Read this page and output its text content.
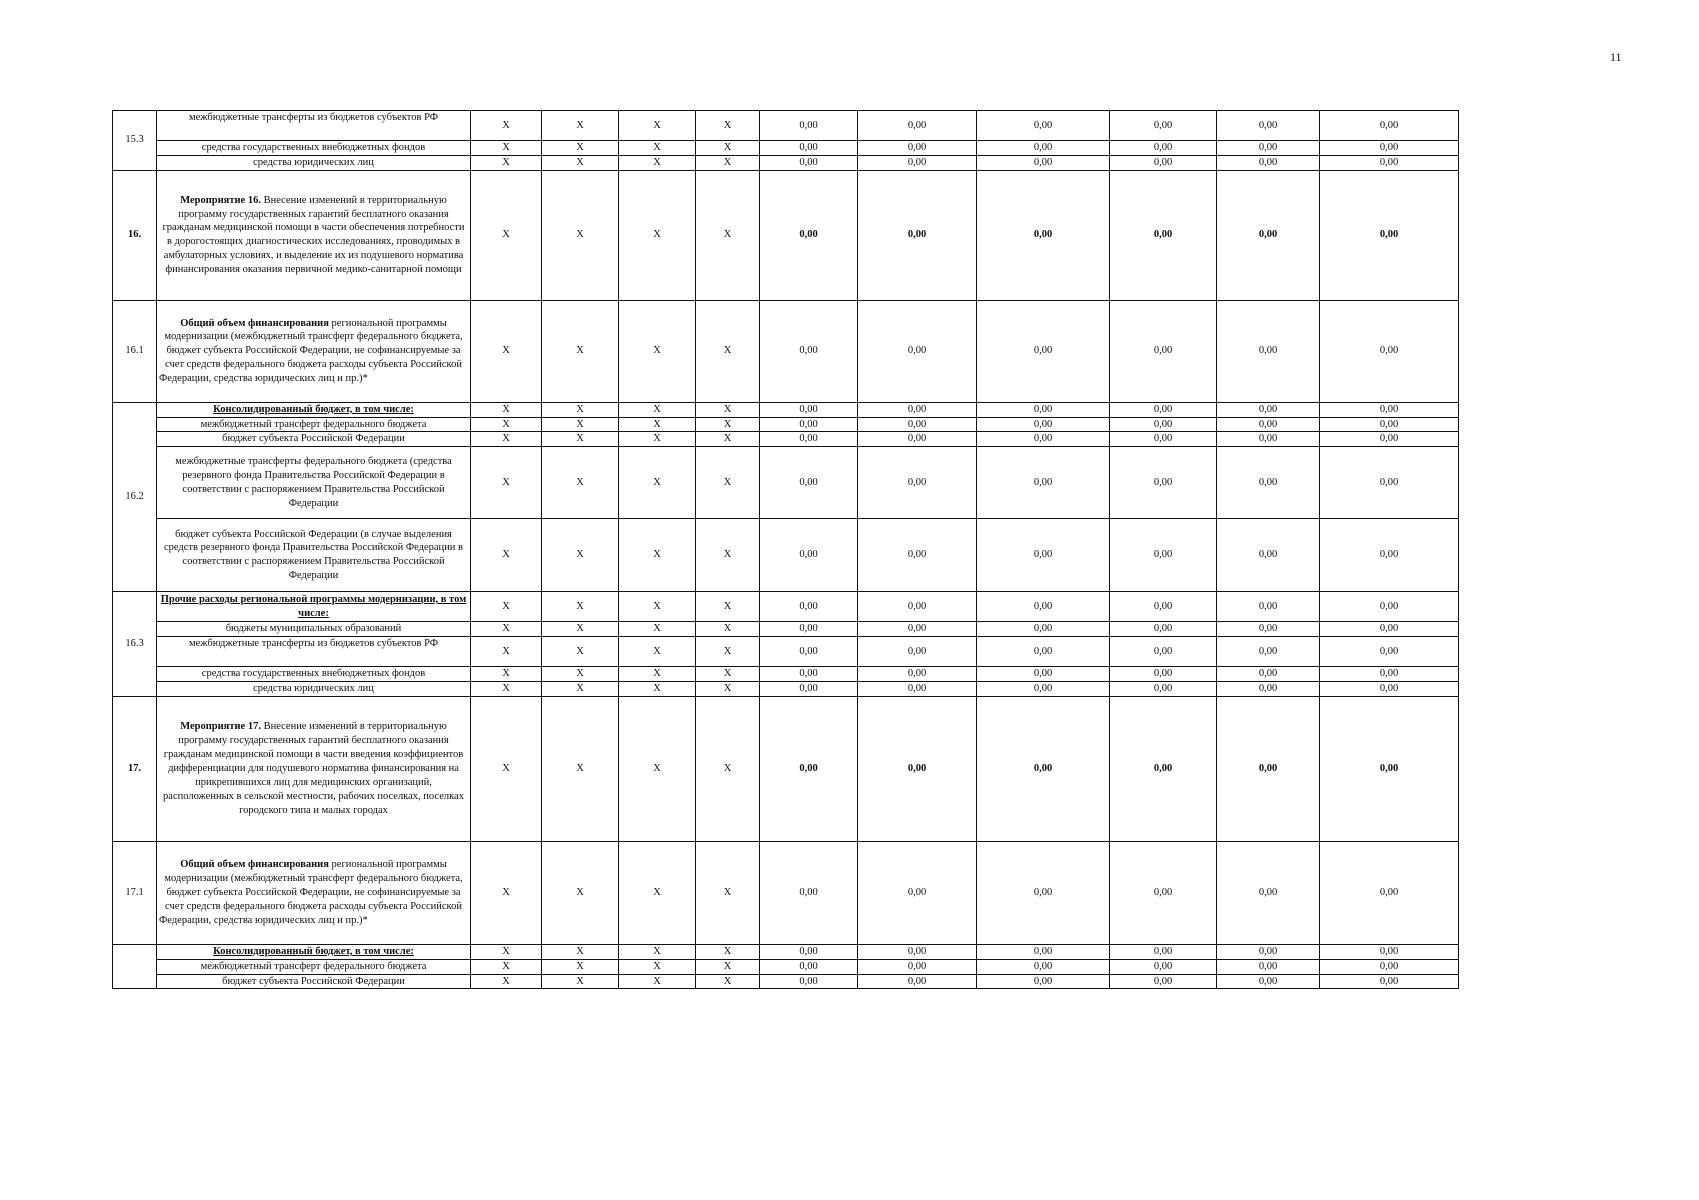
11
15.3	межбюджетные трансферты из бюджетов субъектов РФ	X	X	X	X	0,00	0,00	0,00	0,00	0,00	0,00
	средства государственных внебюджетных фондов	X	X	X	X	0,00	0,00	0,00	0,00	0,00	0,00
	средства юридических лиц	X	X	X	X	0,00	0,00	0,00	0,00	0,00	0,00
16.	Мероприятие 16. Внесение изменений в территориальную программу государственных гарантий бесплатного оказания гражданам медицинской помощи в части обеспечения потребности в дорогостоящих диагностических исследованиях, проводимых в амбулаторных условиях, и выделение их из подушевого норматива финансирования оказания первичной медико-санитарной помощи	X	X	X	X	0,00	0,00	0,00	0,00	0,00	0,00
16.1	Общий объем финансирования региональной программы модернизации (межбюджетный трансферт федерального бюджета, бюджет субъекта Российской Федерации, не софинансируемые за счет средств федерального бюджета расходы субъекта Российской Федерации, средства юридических лиц и пр.)*	X	X	X	X	0,00	0,00	0,00	0,00	0,00	0,00
16.2	Консолидированный бюджет, в том числе:	X	X	X	X	0,00	0,00	0,00	0,00	0,00	0,00
	межбюджетный трансферт федерального бюджета	X	X	X	X	0,00	0,00	0,00	0,00	0,00	0,00
	бюджет субъекта Российской Федерации	X	X	X	X	0,00	0,00	0,00	0,00	0,00	0,00
	межбюджетные трансферты федерального бюджета (средства резервного фонда Правительства Российской Федерации в соответствии с распоряжением Правительства Российской Федерации	X	X	X	X	0,00	0,00	0,00	0,00	0,00	0,00
	бюджет субъекта Российской Федерации (в случае выделения средств резервного фонда Правительства Российской Федерации в соответствии с распоряжением Правительства Российской Федерации	X	X	X	X	0,00	0,00	0,00	0,00	0,00	0,00
16.3	Прочие расходы региональной программы модернизации, в том числе:	X	X	X	X	0,00	0,00	0,00	0,00	0,00	0,00
	бюджеты муниципальных образований	X	X	X	X	0,00	0,00	0,00	0,00	0,00	0,00
	межбюджетные трансферты из бюджетов субъектов РФ	X	X	X	X	0,00	0,00	0,00	0,00	0,00	0,00
	средства государственных внебюджетных фондов	X	X	X	X	0,00	0,00	0,00	0,00	0,00	0,00
	средства юридических лиц	X	X	X	X	0,00	0,00	0,00	0,00	0,00	0,00
17.	Мероприятие 17. Внесение изменений в территориальную программу государственных гарантий бесплатного оказания гражданам медицинской помощи в части введения коэффициентов дифференциации для подушевого норматива финансирования на прикрепившихся лиц для медицинских организаций, расположенных в сельской местности, рабочих поселках, поселках городского типа и малых городах	X	X	X	X	0,00	0,00	0,00	0,00	0,00	0,00
17.1	Общий объем финансирования региональной программы модернизации (межбюджетный трансферт федерального бюджета, бюджет субъекта Российской Федерации, не софинансируемые за счет средств федерального бюджета расходы субъекта Российской Федерации, средства юридических лиц и пр.)*	X	X	X	X	0,00	0,00	0,00	0,00	0,00	0,00
	Консолидированный бюджет, в том числе:	X	X	X	X	0,00	0,00	0,00	0,00	0,00	0,00
	межбюджетный трансферт федерального бюджета	X	X	X	X	0,00	0,00	0,00	0,00	0,00	0,00
	бюджет субъекта Российской Федерации	X	X	X	X	0,00	0,00	0,00	0,00	0,00	0,00
